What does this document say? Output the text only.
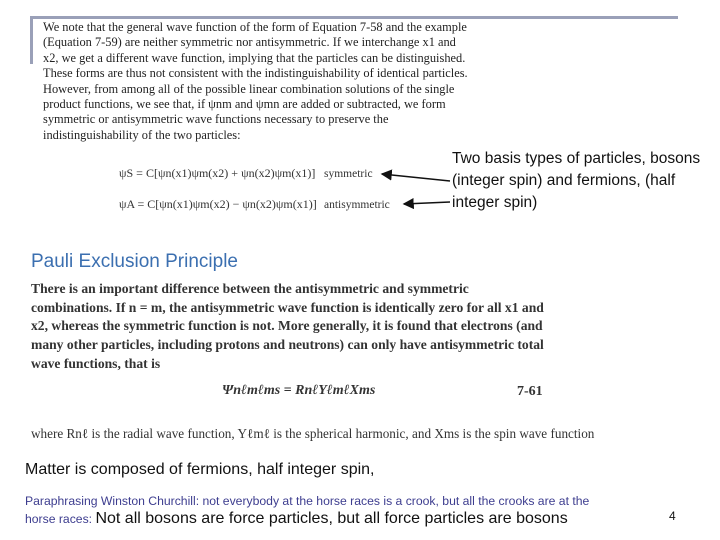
We note that the general wave function of the form of Equation 7-58 and the example (Equation 7-59) are neither symmetric nor antisymmetric. If we interchange x1 and x2, we get a different wave function, implying that the particles can be distinguished. These forms are thus not consistent with the indistinguishability of identical particles. However, from among all of the possible linear combination solutions of the single product functions, we see that, if ψnm and ψmn are added or subtracted, we form symmetric or antisymmetric wave functions necessary to preserve the indistinguishability of the two particles:
ψS = C[ψn(x1)ψm(x2) + ψn(x2)ψm(x1)] symmetric
ψA = C[ψn(x1)ψm(x2) − ψn(x2)ψm(x1)] antisymmetric
Two basis types of particles, bosons (integer spin) and fermions, (half integer spin)
Pauli Exclusion Principle
There is an important difference between the antisymmetric and symmetric combinations. If n = m, the antisymmetric wave function is identically zero for all x1 and x2, whereas the symmetric function is not. More generally, it is found that electrons (and many other particles, including protons and neutrons) can only have antisymmetric total wave functions, that is
Ψnℓmℓms = RnℓYℓmℓXms	7-61
where Rnℓ is the radial wave function, Yℓmℓ is the spherical harmonic, and Xms is the spin wave function
Matter is composed of fermions, half integer spin,
Paraphrasing Winston Churchill: not everybody at the horse races is a crook, but all the crooks are at the
horse races: Not all bosons are force particles, but all force particles are bosons	4
